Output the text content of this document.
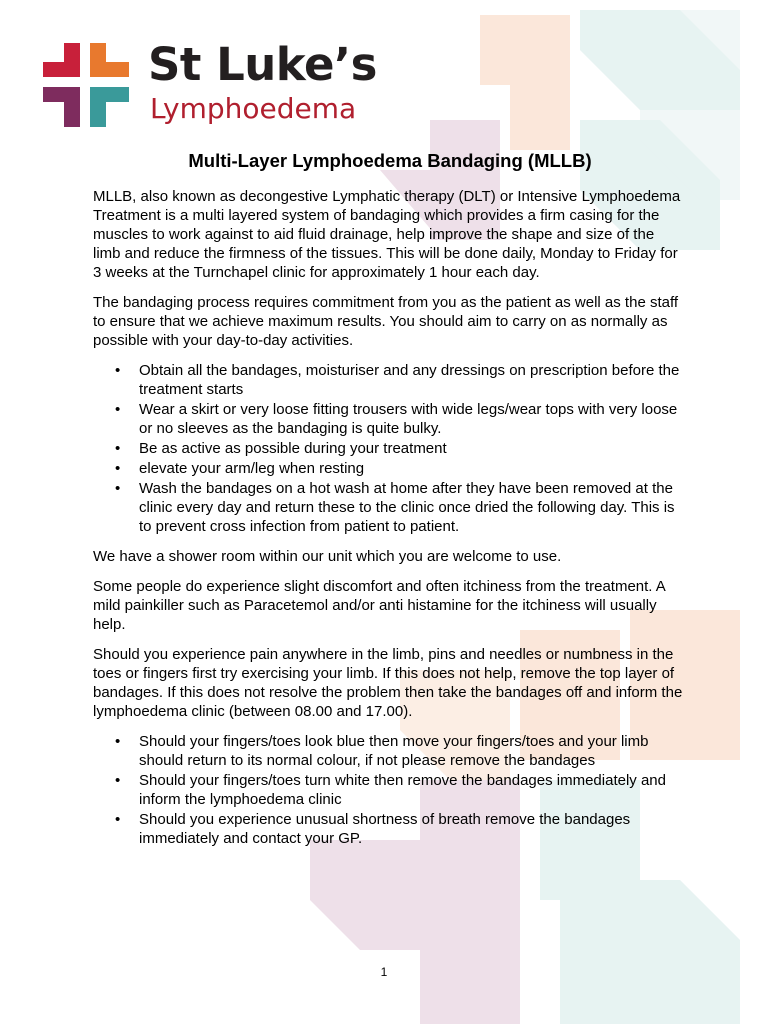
St Luke’s
Lymphoedema
Multi-Layer Lymphoedema Bandaging (MLLB)

MLLB, also known as decongestive Lymphatic therapy (DLT) or Intensive Lymphoedema Treatment is a multi layered system of bandaging which provides a firm casing for the muscles to work against to aid fluid drainage, help improve the shape and size of the limb and reduce the firmness of the tissues. This will be done daily, Monday to Friday for 3 weeks at the Turnchapel clinic for approximately 1 hour each day.

The bandaging process requires commitment from you as the patient as well as the staff to ensure that we achieve maximum results. You should aim to carry on as normally as possible with your day-to-day activities.

• Obtain all the bandages, moisturiser and any dressings on prescription before the treatment starts
• Wear a skirt or very loose fitting trousers with wide legs/wear tops with very loose or no sleeves as the bandaging is quite bulky.
• Be as active as possible during your treatment
• elevate your arm/leg when resting
• Wash the bandages on a hot wash at home after they have been removed at the clinic every day and return these to the clinic once dried the following day. This is to prevent cross infection from patient to patient.

We have a shower room within our unit which you are welcome to use.

Some people do experience slight discomfort and often itchiness from the treatment. A mild painkiller such as Paracetemol and/or anti histamine for the itchiness will usually help.

Should you experience pain anywhere in the limb, pins and needles or numbness in the toes or fingers first try exercising your limb. If this does not help, remove the top layer of bandages. If this does not resolve the problem then take the bandages off and inform the lymphoedema clinic (between 08.00 and 17.00).

• Should your fingers/toes look blue then move your fingers/toes and your limb should return to its normal colour, if not please remove the bandages
• Should your fingers/toes turn white then remove the bandages immediately and inform the lymphoedema clinic
• Should you experience unusual shortness of breath remove the bandages immediately and contact your GP.
1
